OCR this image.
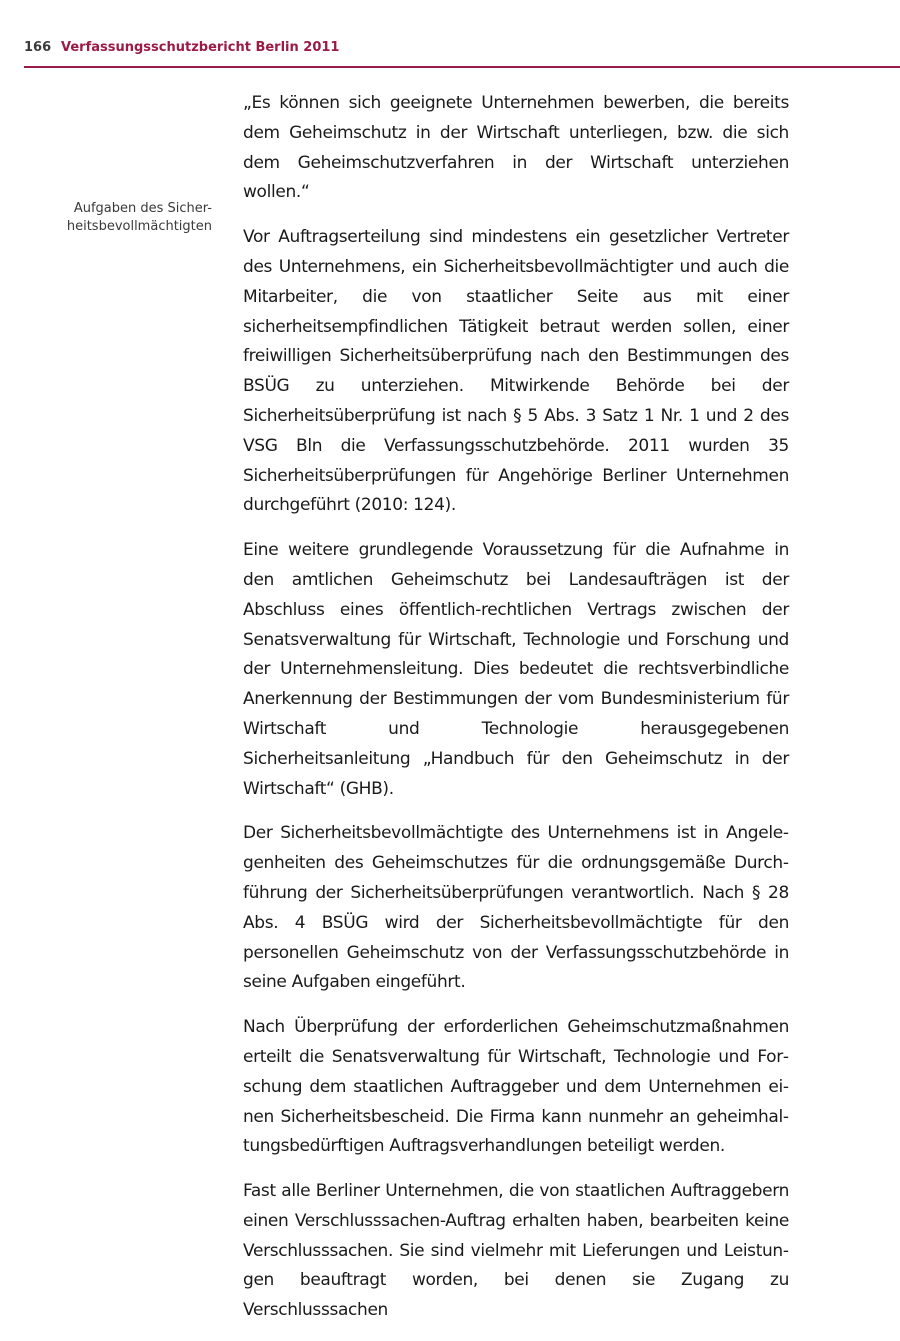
166 Verfassungsschutzbericht Berlin 2011
Aufgaben des Sicher-
heitsbevollmächtigten

„Es können sich geeignete Unternehmen bewerben, die bereits dem Geheimschutz in der Wirtschaft unterliegen, bzw. die sich dem Geheimschutzverfahren in der Wirtschaft unterziehen wollen.“

Vor Auftragserteilung sind mindestens ein gesetzlicher Vertreter des Unternehmens, ein Sicherheitsbevollmächtigter und auch die Mitarbeiter, die von staatlicher Seite aus mit einer sicherheitsempfindlichen Tätigkeit betraut werden sollen, einer freiwilligen Sicherheitsüberprüfung nach den Bestimmungen des BSÜG zu unterziehen. Mitwirkende Behörde bei der Sicherheitsüberprüfung ist nach § 5 Abs. 3 Satz 1 Nr. 1 und 2 des VSG Bln die Verfassungsschutzbehörde. 2011 wurden 35 Sicherheitsüberprüfungen für Angehörige Berliner Unternehmen durchgeführt (2010: 124).

Eine weitere grundlegende Voraussetzung für die Aufnahme in den amtlichen Geheimschutz bei Landesaufträgen ist der Abschluss eines öffentlich-rechtlichen Vertrags zwischen der Senatsverwaltung für Wirtschaft, Technologie und Forschung und der Unternehmensleitung. Dies bedeutet die rechtsverbindliche Anerkennung der Bestimmungen der vom Bundesministerium für Wirtschaft und Technologie herausgegebenen Sicherheitsanleitung „Handbuch für den Geheimschutz in der Wirtschaft“ (GHB).

Der Sicherheitsbevollmächtigte des Unternehmens ist in Angelegenheiten des Geheimschutzes für die ordnungsgemäße Durchführung der Sicherheitsüberprüfungen verantwortlich. Nach § 28 Abs. 4 BSÜG wird der Sicherheitsbevollmächtigte für den personellen Geheimschutz von der Verfassungsschutzbehörde in seine Aufgaben eingeführt.

Nach Überprüfung der erforderlichen Geheimschutzmaßnahmen erteilt die Senatsverwaltung für Wirtschaft, Technologie und Forschung dem staatlichen Auftraggeber und dem Unternehmen einen Sicherheitsbescheid. Die Firma kann nunmehr an geheimhaltungsbedürftigen Auftragsverhandlungen beteiligt werden.

Fast alle Berliner Unternehmen, die von staatlichen Auftraggebern einen Verschlusssachen-Auftrag erhalten haben, bearbeiten keine Verschlusssachen. Sie sind vielmehr mit Lieferungen und Leistungen beauftragt worden, bei denen sie Zugang zu Verschlusssachen
